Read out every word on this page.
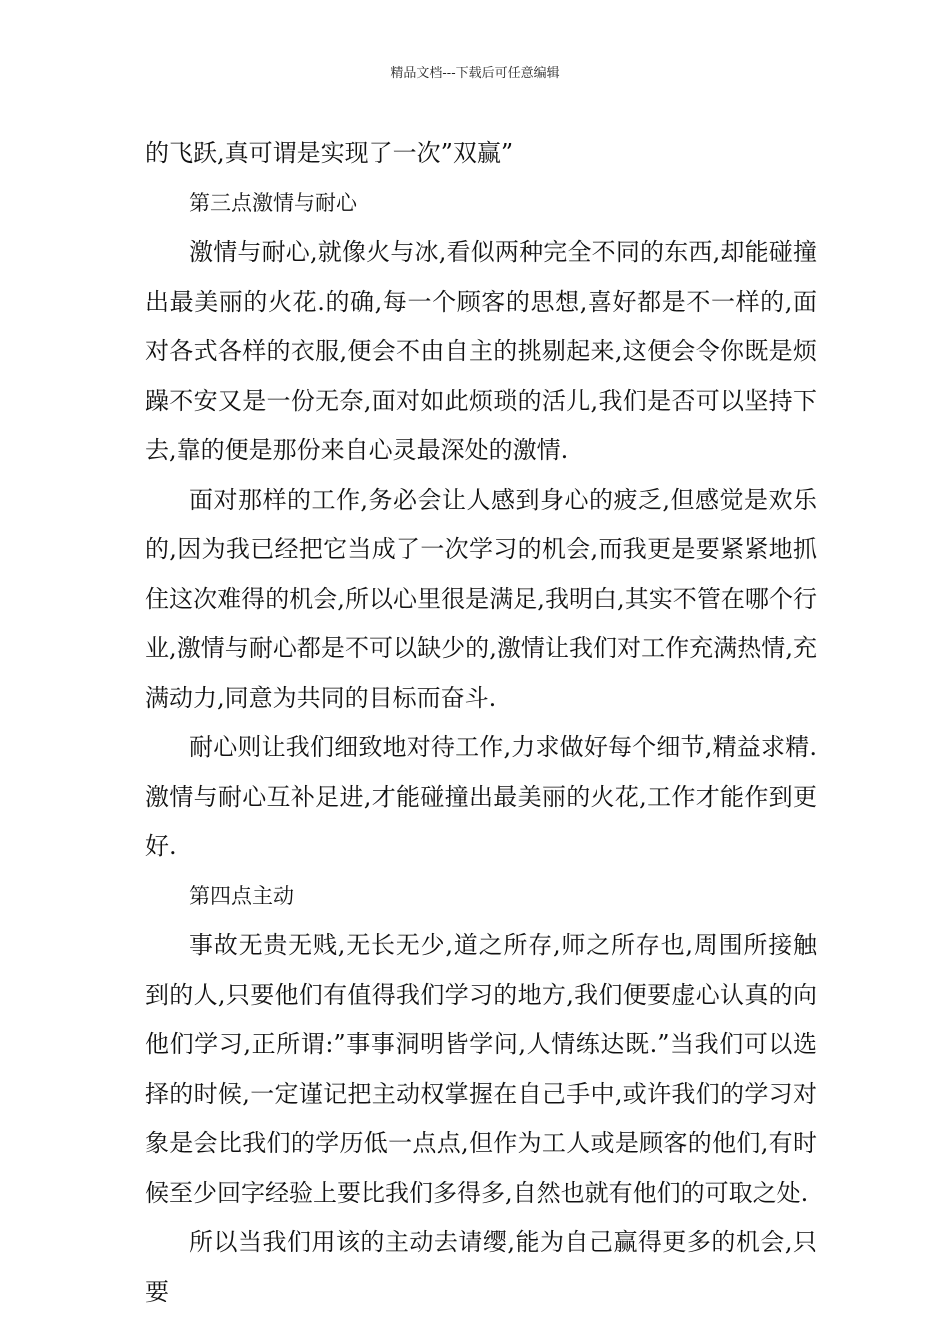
精品文档---下载后可任意编辑

的飞跃,真可谓是实现了一次”双赢”

第三点激情与耐心

激情与耐心,就像火与冰,看似两种完全不同的东西,却能碰撞出最美丽的火花.的确,每一个顾客的思想,喜好都是不一样的,面对各式各样的衣服,便会不由自主的挑剔起来,这便会令你既是烦躁不安又是一份无奈,面对如此烦琐的活儿,我们是否可以坚持下去,靠的便是那份来自心灵最深处的激情.

面对那样的工作,务必会让人感到身心的疲乏,但感觉是欢乐的,因为我已经把它当成了一次学习的机会,而我更是要紧紧地抓住这次难得的机会,所以心里很是满足,我明白,其实不管在哪个行业,激情与耐心都是不可以缺少的,激情让我们对工作充满热情,充满动力,同意为共同的目标而奋斗.

耐心则让我们细致地对待工作,力求做好每个细节,精益求精.激情与耐心互补足进,才能碰撞出最美丽的火花,工作才能作到更好.

第四点主动

事故无贵无贱,无长无少,道之所存,师之所存也,周围所接触到的人,只要他们有值得我们学习的地方,我们便要虚心认真的向他们学习,正所谓:”事事洞明皆学问,人情练达既.”当我们可以选择的时候,一定谨记把主动权掌握在自己手中,或许我们的学习对象是会比我们的学历低一点点,但作为工人或是顾客的他们,有时候至少回字经验上要比我们多得多,自然也就有他们的可取之处.

所以当我们用该的主动去请缨,能为自己赢得更多的机会,只要
